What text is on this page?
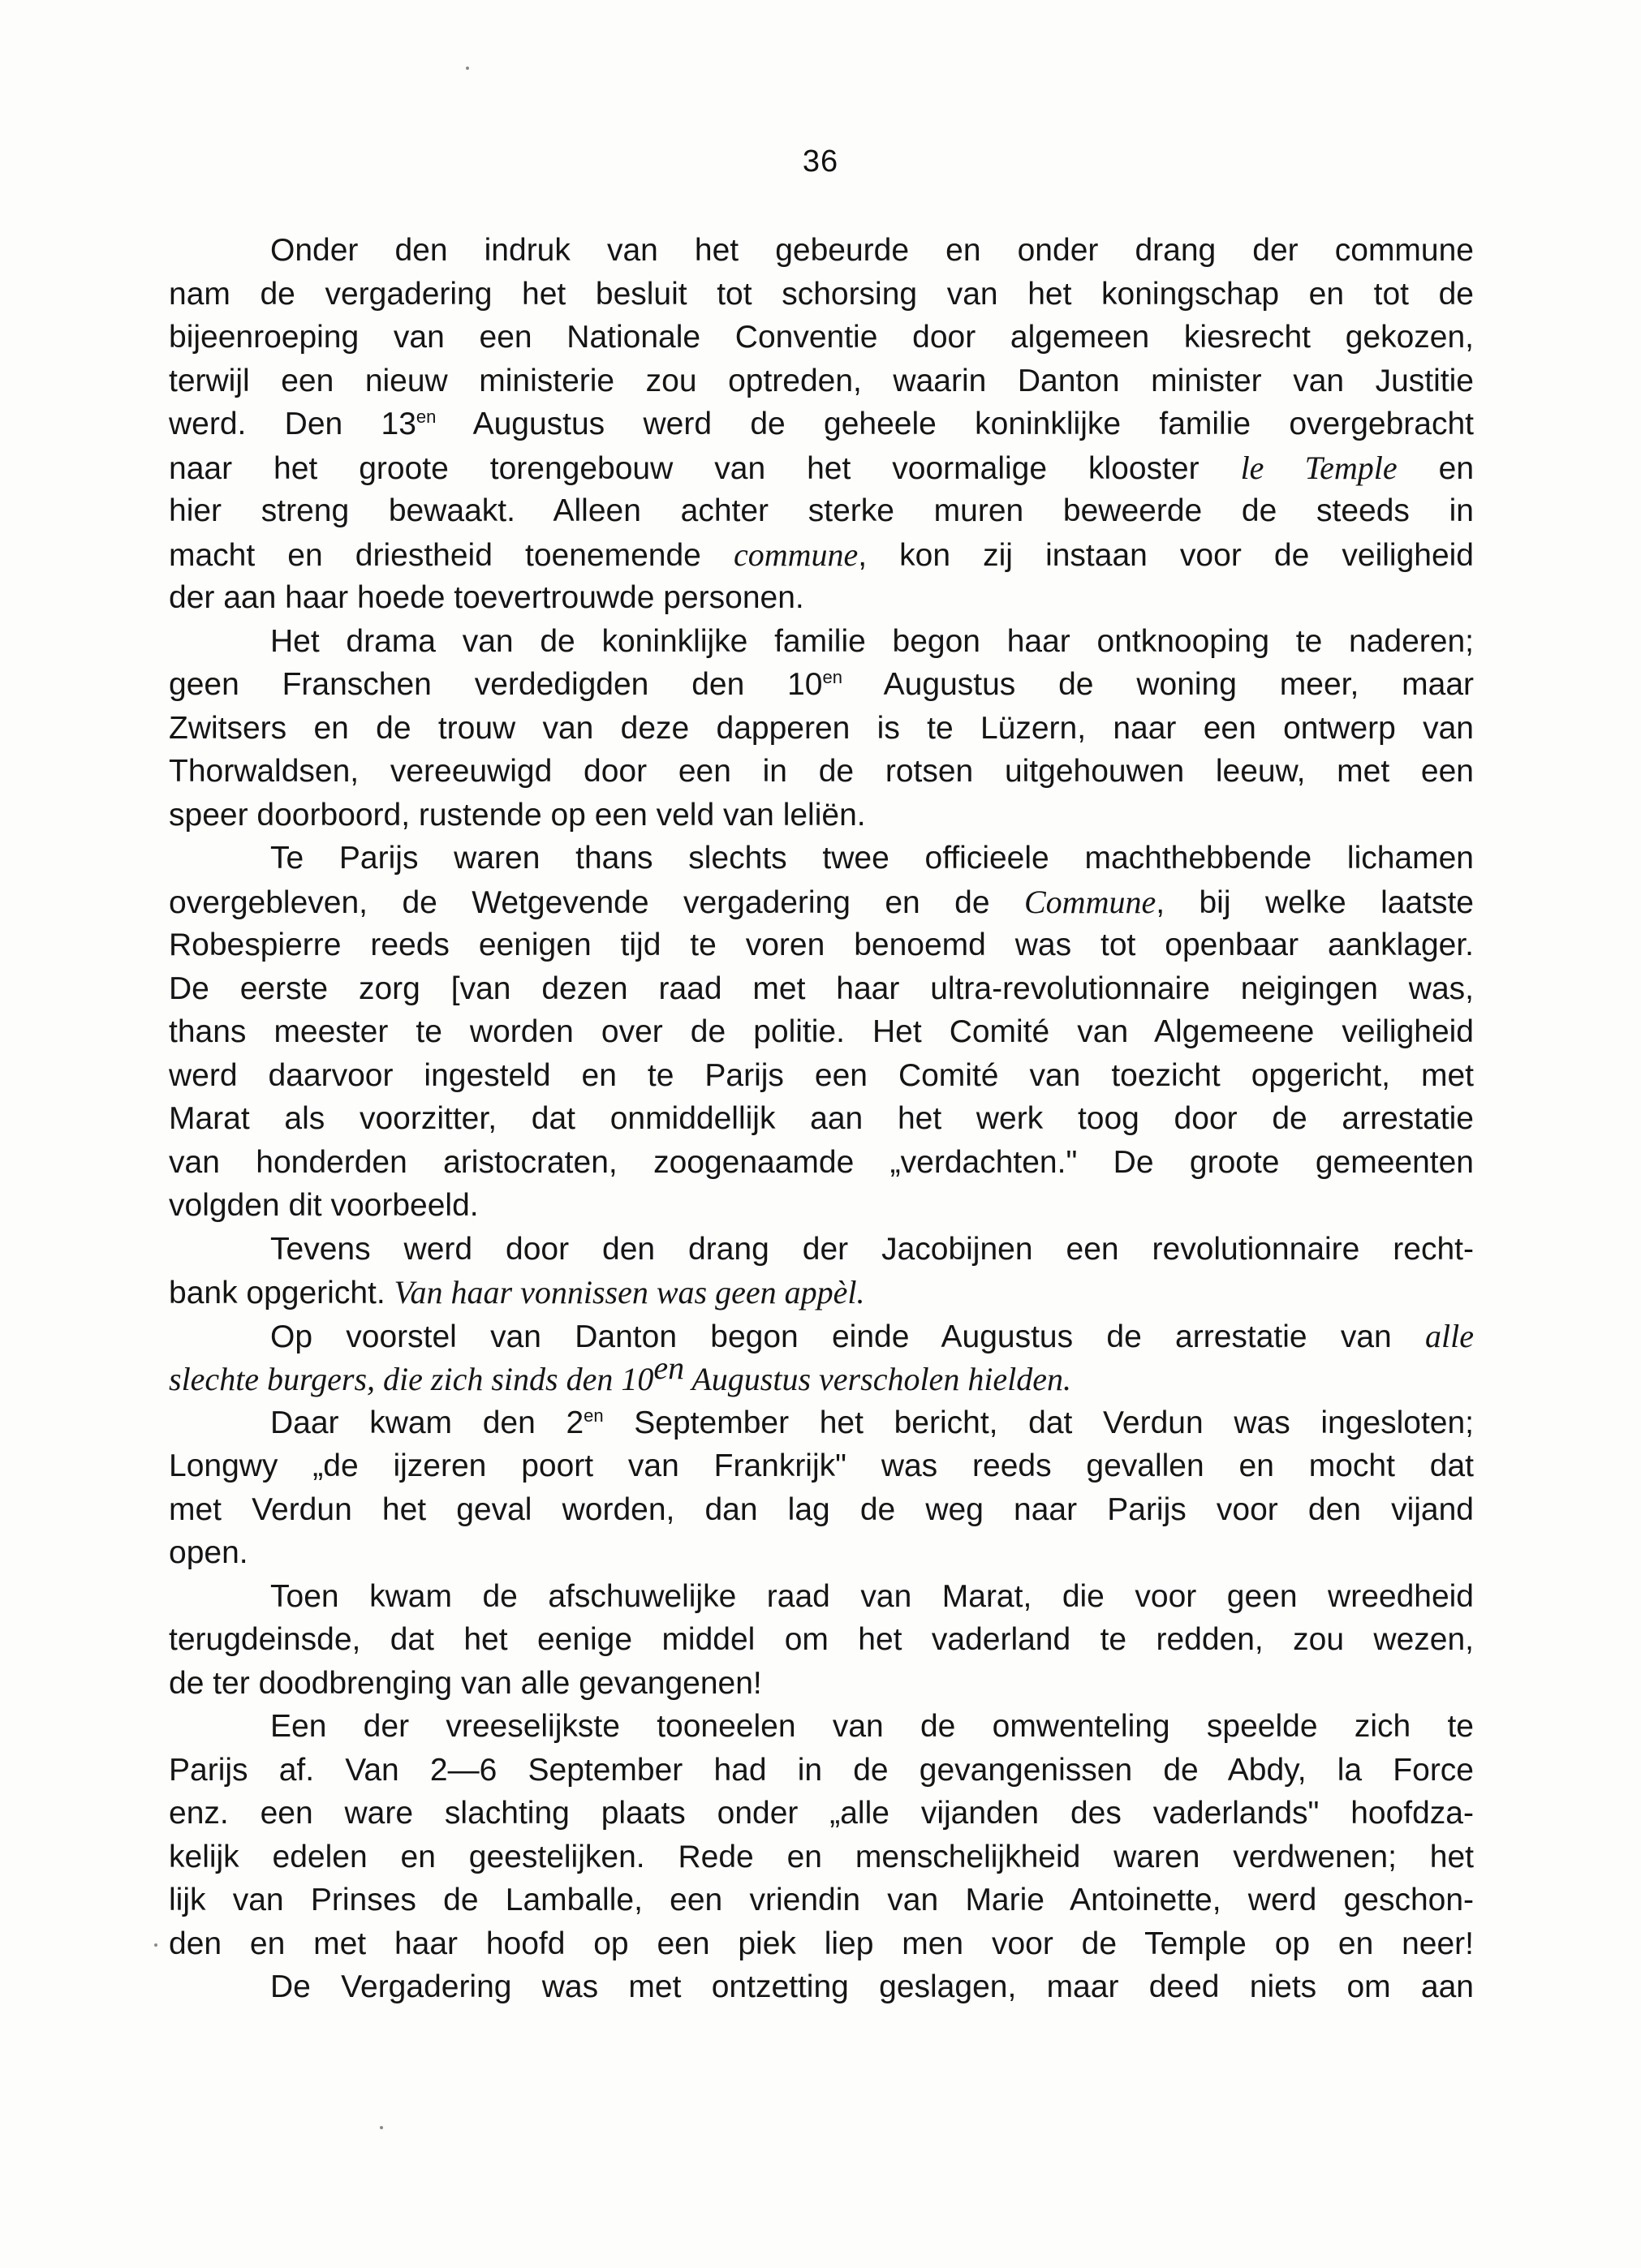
36
Onder den indruk van het gebeurde en onder drang der commune
nam de vergadering het besluit tot schorsing van het koningschap en tot de
bijeenroeping van een Nationale Conventie door algemeen kiesrecht gekozen,
terwijl een nieuw ministerie zou optreden, waarin Danton minister van Justitie
werd. Den $13^{en}$ Augustus werd de geheele koninklijke familie overgebracht
naar het groote torengebouw van het voormalige klooster le Temple en
hier streng bewaakt. Alleen achter sterke muren beweerde de steeds in
macht en driestheid toenemende commune, kon zij instaan voor de veiligheid
der aan haar hoede toevertrouwde personen.
Het drama van de koninklijke familie begon haar ontknooping te naderen;
geen Franschen verdedigden den $10^{en}$ Augustus de woning meer, maar
Zwitsers en de trouw van deze dapperen is te Lüzern, naar een ontwerp van
Thorwaldsen, vereeuwigd door een in de rotsen uitgehouwen leeuw, met een
speer doorboord, rustende op een veld van leliën.
Te Parijs waren thans slechts twee officieele machthebbende lichamen
overgebleven, de Wetgevende vergadering en de Commune, bij welke laatste
Robespierre reeds eenigen tijd te voren benoemd was tot openbaar aanklager.
De eerste zorg [van dezen raad met haar ultra-revolutionnaire neigingen was,
thans meester te worden over de politie. Het Comité van Algemeene veiligheid
werd daarvoor ingesteld en te Parijs een Comité van toezicht opgericht, met
Marat als voorzitter, dat onmiddellijk aan het werk toog door de arrestatie
van honderden aristocraten, zoogenaamde „verdachten." De groote gemeenten
volgden dit voorbeeld.
Tevens werd door den drang der Jacobijnen een revolutionnaire recht-
bank opgericht. Van haar vonnissen was geen appèl.
Op voorstel van Danton begon einde Augustus de arrestatie van alle
slechte burgers, die zich sinds den $10^{en}$ Augustus verscholen hielden.
Daar kwam den $2^{en}$ September het bericht, dat Verdun was ingesloten;
Longwy „de ijzeren poort van Frankrijk" was reeds gevallen en mocht dat
met Verdun het geval worden, dan lag de weg naar Parijs voor den vijand
open.
Toen kwam de afschuwelijke raad van Marat, die voor geen wreedheid
terugdeinsde, dat het eenige middel om het vaderland te redden, zou wezen,
de ter doodbrenging van alle gevangenen!
Een der vreeselijkste tooneelen van de omwenteling speelde zich te
Parijs af. Van 2—6 September had in de gevangenissen de Abdy, la Force
enz. een ware slachting plaats onder „alle vijanden des vaderlands" hoofdza-
kelijk edelen en geestelijken. Rede en menschelijkheid waren verdwenen; het
lijk van Prinses de Lamballe, een vriendin van Marie Antoinette, werd geschon-
den en met haar hoofd op een piek liep men voor de Temple op en neer!
De Vergadering was met ontzetting geslagen, maar deed niets om aan
